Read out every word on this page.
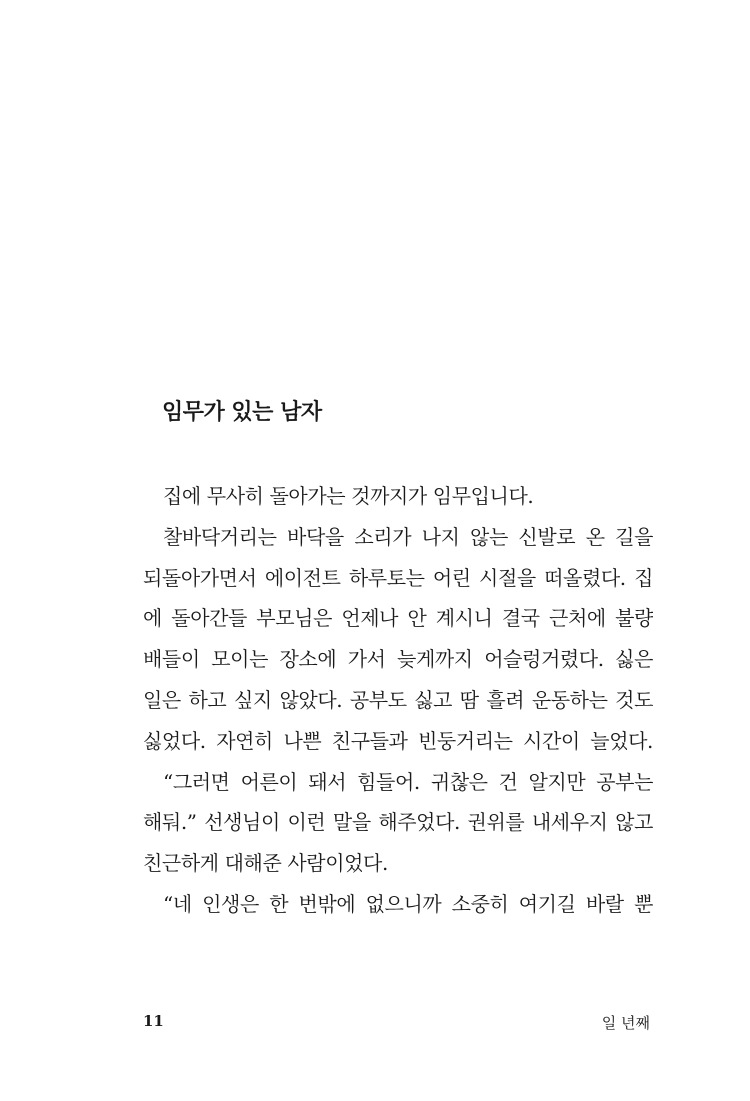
임무가 있는 남자
집에 무사히 돌아가는 것까지가 임무입니다.
찰바닥거리는 바닥을 소리가 나지 않는 신발로 온 길을
되돌아가면서 에이전트 하루토는 어린 시절을 떠올렸다. 집
에 돌아간들 부모님은 언제나 안 계시니 결국 근처에 불량
배들이 모이는 장소에 가서 늦게까지 어슬렁거렸다. 싫은
일은 하고 싶지 않았다. 공부도 싫고 땀 흘려 운동하는 것도
싫었다. 자연히 나쁜 친구들과 빈둥거리는 시간이 늘었다.
“그러면 어른이 돼서 힘들어. 귀찮은 건 알지만 공부는
해둬.” 선생님이 이런 말을 해주었다. 권위를 내세우지 않고
친근하게 대해준 사람이었다.
“네 인생은 한 번밖에 없으니까 소중히 여기길 바랄 뿐
11	일 년째
